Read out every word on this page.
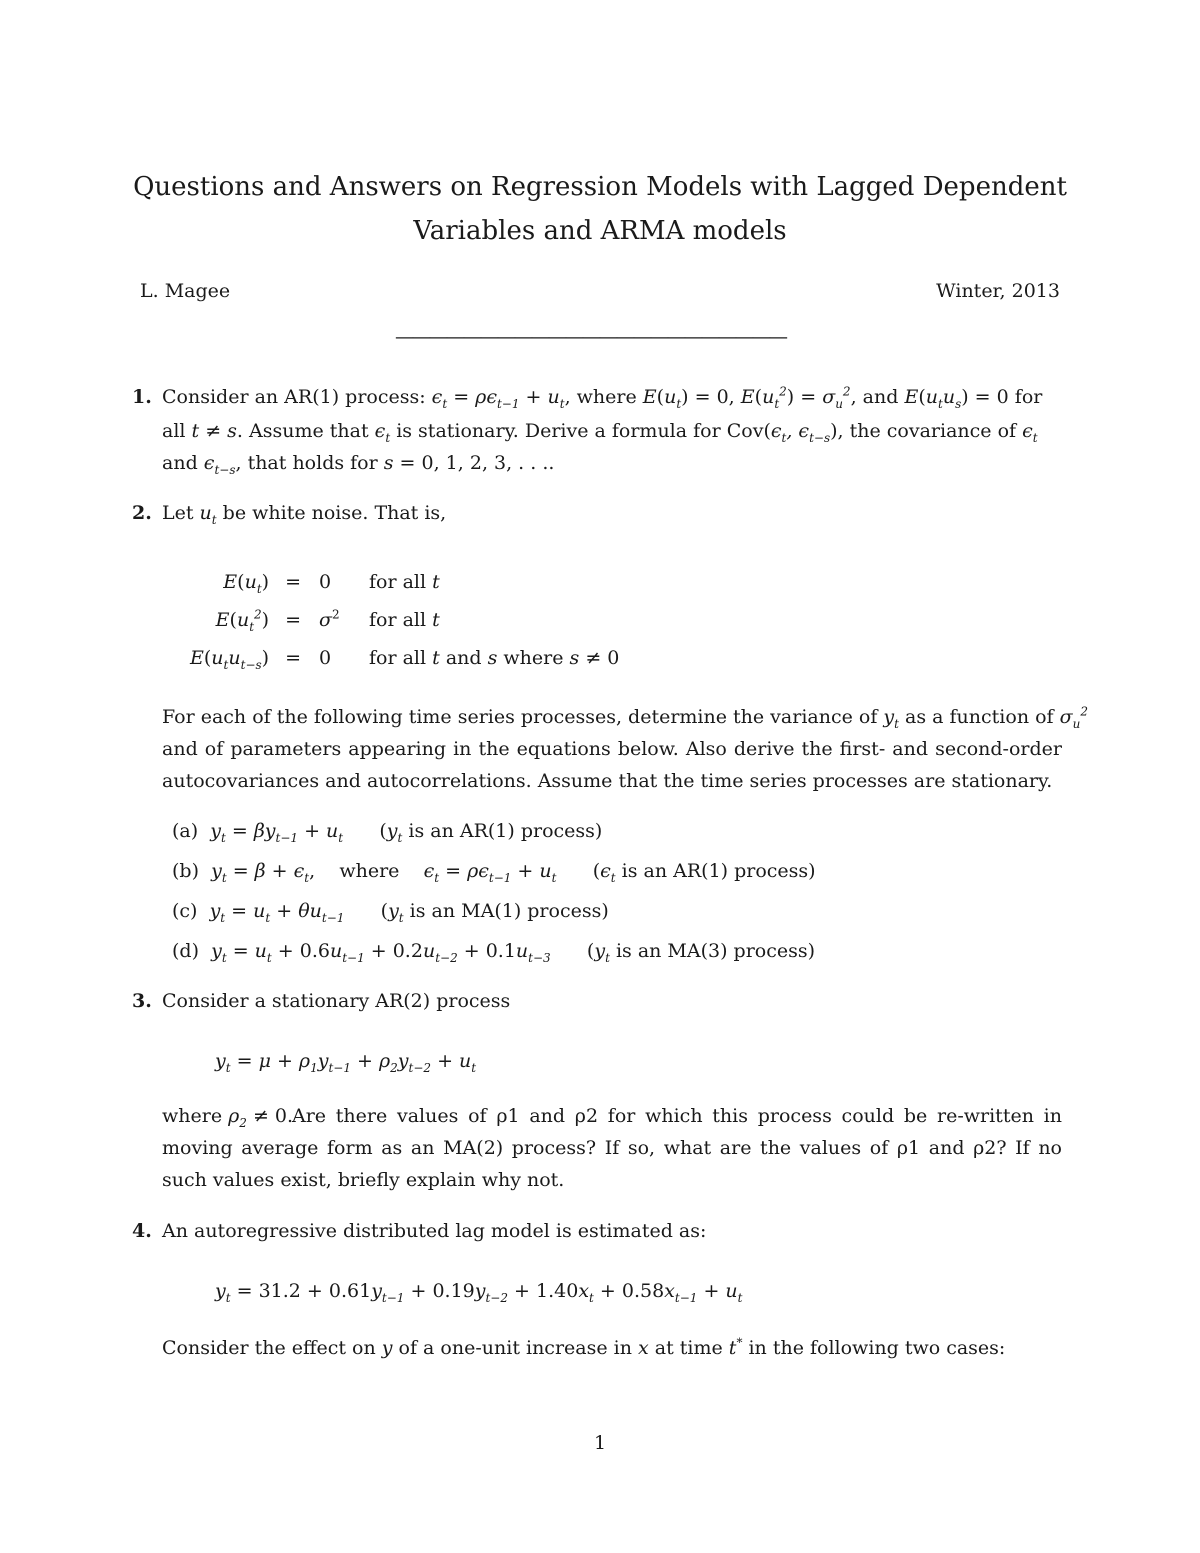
Questions and Answers on Regression Models with Lagged Dependent
Variables and ARMA models
L. Magee	Winter, 2013
———————————————————————
1. Consider an AR(1) process: $\epsilon_t = \rho\epsilon_{t-1} + u_t$, where $E(u_t) = 0$, $E(u_t^2) = \sigma_u^2$, and $E(u_tu_s) = 0$ for
all t ≠ s. Assume that $\epsilon_t$ is stationary. Derive a formula for $Cov(\epsilon_t$, $\epsilon_{t-s}$), the covariance of $\epsilon_t$
and $\epsilon_{t-s}$, that holds for s = 0, 1, 2, 3, . . ..
2. Let $u_t$ be white noise. That is,
$E(u_t)$	=	0	for all t
$E(u_t^2)$	=	$\sigma^2$	for all t
$E(u_tu_{t-s})$	=	0	for all t and s where s ≠ 0
For each of the following time series processes, determine the variance of $y_t$ as a function of $\sigma_u^2$
and of parameters appearing in the equations below. Also derive the first- and second-order autocovariances and autocorrelations. Assume that the time series processes are stationary.
(a) $y_t = \beta y_{t-1} + u_t$      ($y_t$ is an AR(1) process)
(b) $y_t = \beta + \epsilon_t$,    where $\epsilon_t = \rho\epsilon_{t-1} + u_t$      ($\epsilon_t$ is an AR(1) process)
(c) $y_t = u_t + \theta u_{t-1}$      ($y_t$ is an MA(1) process)
(d) $y_t = u_t + 0.6u_{t-1} + 0.2u_{t-2} + 0.1u_{t-3}$      ($y_t$ is an MA(3) process)
3. Consider a stationary AR(2) process
$y_t = \mu + \rho_1y_{t-1} + \rho_2y_{t-2} + u_t$
where $\rho_2 \ne 0$.
Are there values of ρ1 and ρ2 for which this process could be re-written in moving average form as an MA(2) process? If so, what are the values of ρ1 and ρ2? If no such values exist, briefly explain why not.
4. An autoregressive distributed lag model is estimated as:
$y_t = 31.2 + 0.61y_{t-1} + 0.19y_{t-2} + 1.40x_t + 0.58x_{t-1} + u_t$
Consider the effect on y of a one-unit increase in x at time t* in the following two cases:
1
